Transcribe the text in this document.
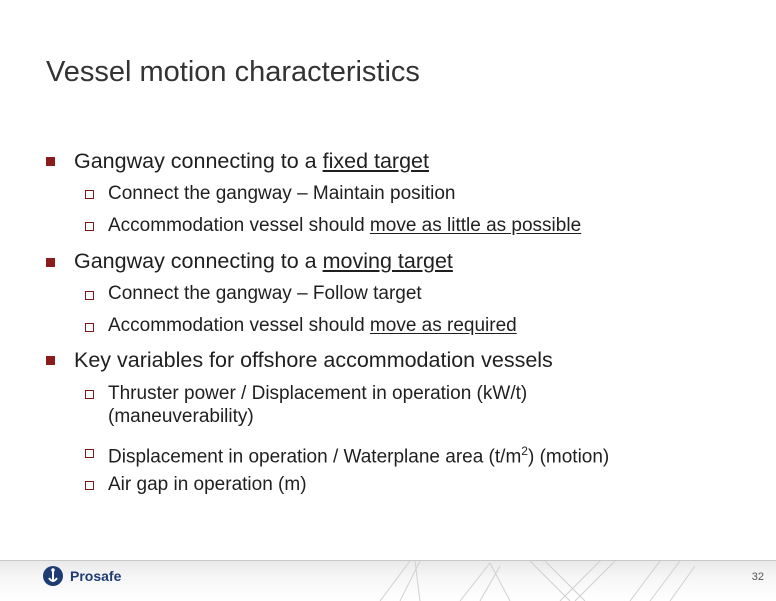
Vessel motion characteristics
Gangway connecting to a fixed target
Connect the gangway – Maintain position
Accommodation vessel should move as little as possible
Gangway connecting to a moving target
Connect the gangway – Follow target
Accommodation vessel should move as required
Key variables for offshore accommodation vessels
Thruster power / Displacement in operation (kW/t)
(maneuverability)
Displacement in operation / Waterplane area $(t/m^2)$ (motion)
Air gap in operation (m)
Prosafe	32
